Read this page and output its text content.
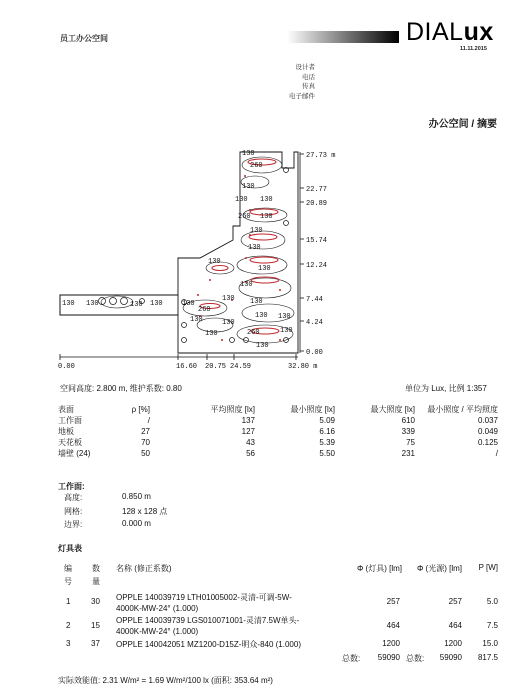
员工办公空间	DIALux
11.11.2015
设计者
电话
传真
电子邮件
办公空间 / 摘要
27.73 m
22.77
20.89
15.74
12.24
7.44
4.24
0.00
0.00	16.60 20.75 24.59	32.80 m
260
130
130
130 130
260 130
130
130
130
130
130
130 130	130
260
130	130
130 130
130	130
130 130
130	260	130
130
空间高度: 2.800 m, 维护系数: 0.80	单位为 Lux, 比例 1:357
表面	ρ [%]	平均照度 [lx]	最小照度 [lx]	最大照度 [lx]	最小照度 / 平均照度
工作面	/	137	5.09	610	0.037
地板	27	127	6.16	339	0.049
天花板	70	43	5.39	75	0.125
墙壁 (24)	50	56	5.50	231	/
工作面:
高度:	0.850 m
网格:	128 x 128 点
边界:	0.000 m
灯具表
编
号
数
量
名称 (修正系数)	Φ (灯具) [lm]	Φ (光源) [lm]	P [W]
1	30 OPPLE 140039719 LTH01005002-灵清-可调-5W-
4000K-MW-24° (1.000)
257	257	5.0
2	15
OPPLE 140039739 LGS010071001-灵清7.5W单头-
4000K-MW-24° (1.000)
464	464	7.5
3	37 OPPLE 140042051 MZ1200-D15Z-明众-840 (1.000)	1200	1200	15.0
总数:	59090 总数:	59090	817.5
实际效能值: 2.31 W/m² = 1.69 W/m²/100 lx (面积: 353.64 m²)
